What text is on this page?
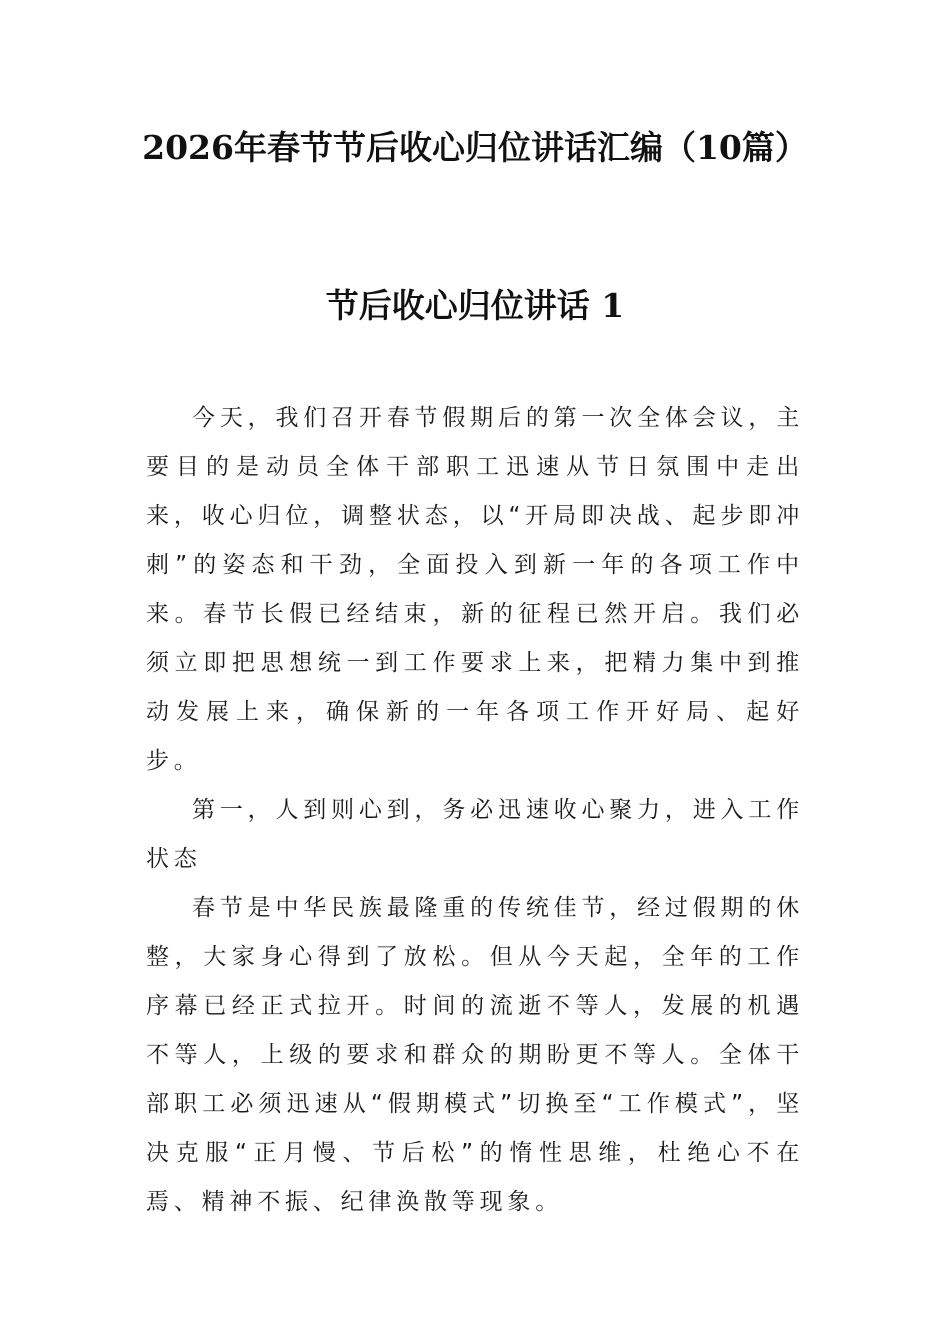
2026年春节节后收心归位讲话汇编（10篇）
节后收心归位讲话 1

今天，我们召开春节假期后的第一次全体会议，主要目的是动员全体干部职工迅速从节日氛围中走出来，收心归位，调整状态，以“开局即决战、起步即冲刺”的姿态和干劲，全面投入到新一年的各项工作中来。春节长假已经结束，新的征程已然开启。我们必须立即把思想统一到工作要求上来，把精力集中到推动发展上来，确保新的一年各项工作开好局、起好步。

第一，人到则心到，务必迅速收心聚力，进入工作状态

春节是中华民族最隆重的传统佳节，经过假期的休整，大家身心得到了放松。但从今天起，全年的工作序幕已经正式拉开。时间的流逝不等人，发展的机遇不等人，上级的要求和群众的期盼更不等人。全体干部职工必须迅速从“假期模式”切换至“工作模式”，坚决克服“正月慢、节后松”的惰性思维，杜绝心不在焉、精神不振、纪律涣散等现象。
